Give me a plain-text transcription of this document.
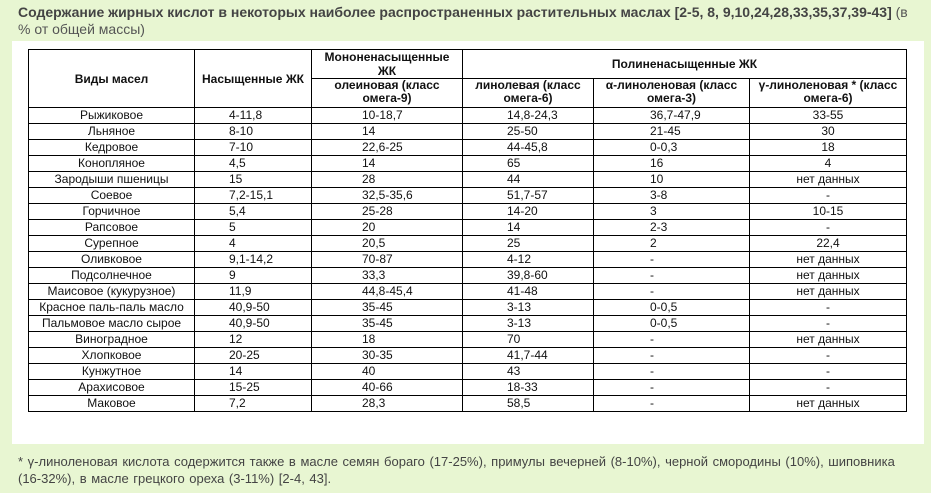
Содержание жирных кислот в некоторых наиболее распространенных растительных маслах [2-5, 8, 9,10,24,28,33,35,37,39-43] (в % от общей массы)
Виды масел	Насыщенные ЖК	Мононенасыщенные ЖК	Полиненасыщенные ЖК		
		олеиновая (класс омега-9)	линолевая (класс омега-6)	α-линоленовая (класс омега-3)	γ-линоленовая * (класс омега-6)
Рыжиковое	4-11,8	10-18,7	14,8-24,3	36,7-47,9	33-55
Льняное	8-10	14	25-50	21-45	30
Кедровое	7-10	22,6-25	44-45,8	0-0,3	18
Конопляное	4,5	14	65	16	4
Зародыши пшеницы	15	28	44	10	нет данных
Соевое	7,2-15,1	32,5-35,6	51,7-57	3-8	-
Горчичное	5,4	25-28	14-20	3	10-15
Рапсовое	5	20	14	2-3	-
Сурепное	4	20,5	25	2	22,4
Оливковое	9,1-14,2	70-87	4-12	-	нет данных
Подсолнечное	9	33,3	39,8-60	-	нет данных
Маисовое (кукурузное)	11,9	44,8-45,4	41-48	-	нет данных
Красное паль-паль масло	40,9-50	35-45	3-13	0-0,5	-
Пальмовое масло сырое	40,9-50	35-45	3-13	0-0,5	-
Виноградное	12	18	70	-	нет данных
Хлопковое	20-25	30-35	41,7-44	-	-
Кунжутное	14	40	43	-	-
Арахисовое	15-25	40-66	18-33	-	-
Маковое	7,2	28,3	58,5	-	нет данных
* γ-линоленовая кислота содержится также в масле семян бораго (17-25%), примулы вечерней (8-10%), черной смородины (10%), шиповника (16-32%), в масле грецкого ореха (3-11%) [2-4, 43].
